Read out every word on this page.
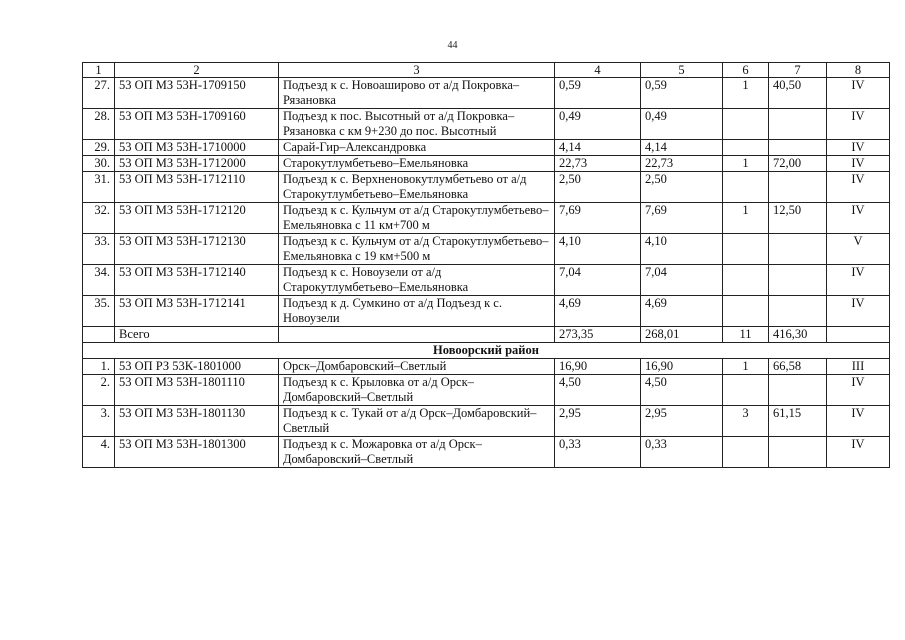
44
1	2	3	4	5	6	7	8
27.	53 ОП МЗ 53Н-1709150	Подъезд к с. Новоаширово от а/д Покровка–Рязановка	0,59	0,59	1	40,50	IV
28.	53 ОП МЗ 53Н-1709160	Подъезд к пос. Высотный от а/д Покровка–Рязановка с км 9+230 до пос. Высотный	0,49	0,49			IV
29.	53 ОП МЗ 53Н-1710000	Сарай-Гир–Александровка	4,14	4,14			IV
30.	53 ОП МЗ 53Н-1712000	Старокутлумбетьево–Емельяновка	22,73	22,73	1	72,00	IV
31.	53 ОП МЗ 53Н-1712110	Подъезд к с. Верхненовокутлумбетьево от а/д Старокутлумбетьево–Емельяновка	2,50	2,50			IV
32.	53 ОП МЗ 53Н-1712120	Подъезд к с. Кульчум от а/д Старокутлумбетьево–Емельяновка с 11 км+700 м	7,69	7,69	1	12,50	IV
33.	53 ОП МЗ 53Н-1712130	Подъезд к с. Кульчум от а/д Старокутлумбетьево–Емельяновка с 19 км+500 м	4,10	4,10			V
34.	53 ОП МЗ 53Н-1712140	Подъезд к с. Новоузели от а/д Старокутлумбетьево–Емельяновка	7,04	7,04			IV
35.	53 ОП МЗ 53Н-1712141	Подъезд к д. Сумкино от а/д Подъезд к с. Новоузели	4,69	4,69			IV
	Всего		273,35	268,01	11	416,30	
Новоорский район							
1.	53 ОП РЗ 53К-1801000	Орск–Домбаровский–Светлый	16,90	16,90	1	66,58	III
2.	53 ОП МЗ 53Н-1801110	Подъезд к с. Крыловка от а/д Орск–Домбаровский–Светлый	4,50	4,50			IV
3.	53 ОП МЗ 53Н-1801130	Подъезд к с. Тукай от а/д Орск–Домбаровский–Светлый	2,95	2,95	3	61,15	IV
4.	53 ОП МЗ 53Н-1801300	Подъезд к с. Можаровка от а/д Орск–Домбаровский–Светлый	0,33	0,33			IV
